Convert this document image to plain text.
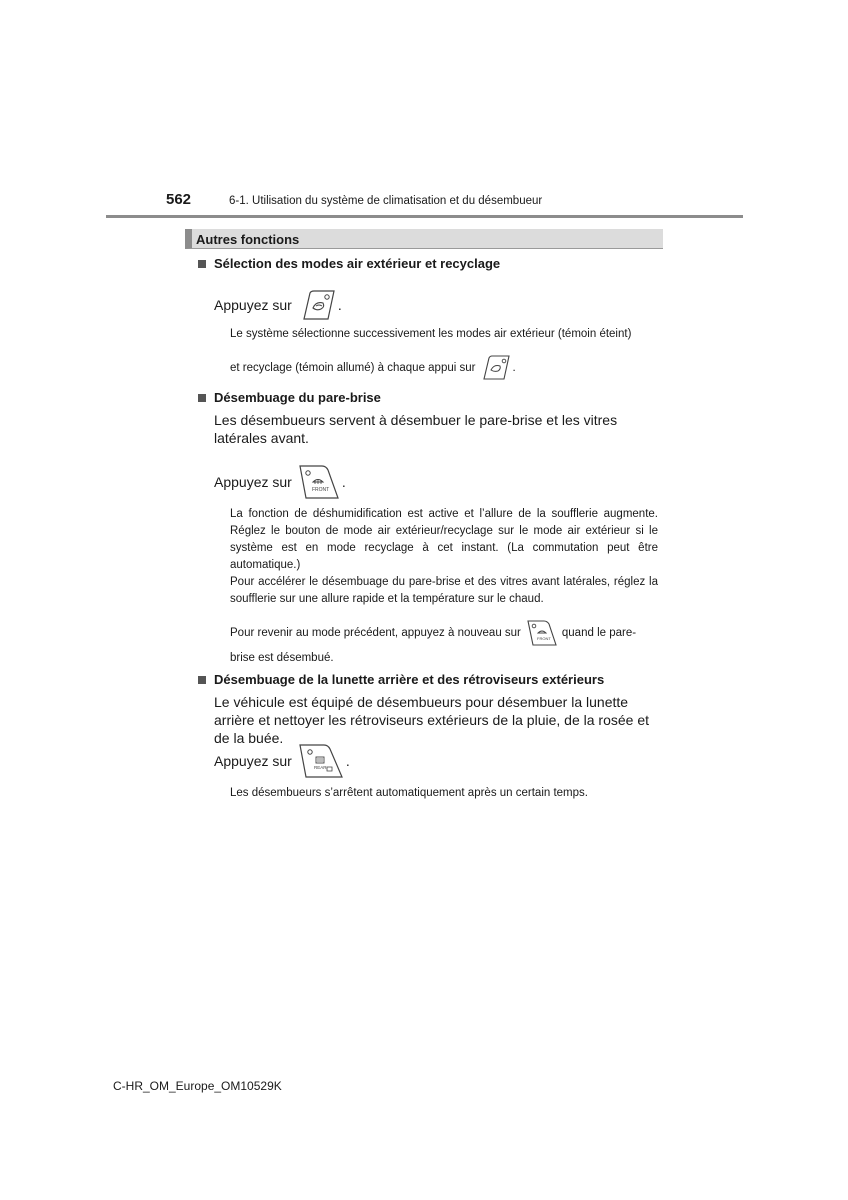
562	6-1. Utilisation du système de climatisation et du désembueur
Autres fonctions
Sélection des modes air extérieur et recyclage
Appuyez sur	.
Le système sélectionne successivement les modes air extérieur (témoin éteint)
et recyclage (témoin allumé) à chaque appui sur	.
Désembuage du pare-brise
Les désembueurs servent à désembuer le pare-brise et les vitres latérales avant.
Appuyez sur	FRONT .
La fonction de déshumidification est active et l’allure de la soufflerie augmente. Réglez le bouton de mode air extérieur/recyclage sur le mode air extérieur si le système est en mode recyclage à cet instant. (La commutation peut être automatique.)
Pour accélérer le désembuage du pare-brise et des vitres avant latérales, réglez la soufflerie sur une allure rapide et la température sur le chaud.
Pour revenir au mode précédent, appuyez à nouveau sur	FRONT quand le pare-
brise est désembué.
Désembuage de la lunette arrière et des rétroviseurs extérieurs
Le véhicule est équipé de désembueurs pour désembuer la lunette arrière et nettoyer les rétroviseurs extérieurs de la pluie, de la rosée et de la buée.
Appuyez sur	REAR .
Les désembueurs s’arrêtent automatiquement après un certain temps.
C-HR_OM_Europe_OM10529K
